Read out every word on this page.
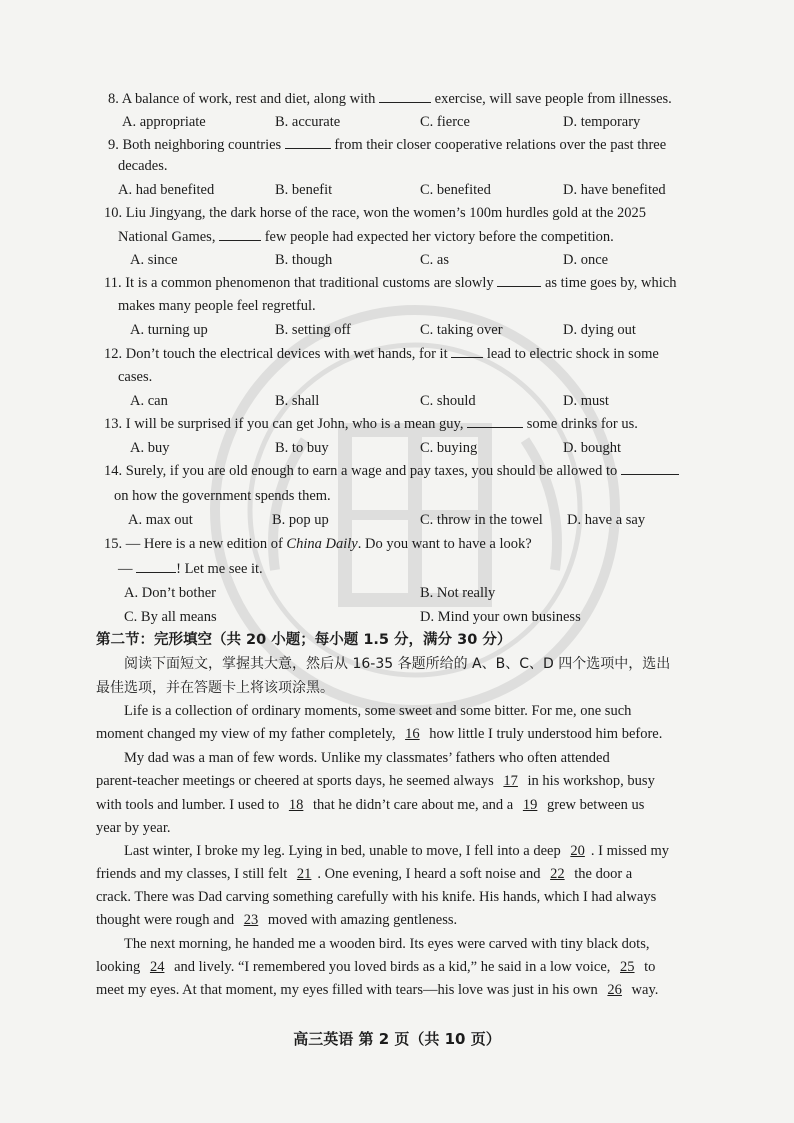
8. A balance of work, rest and diet, along with	exercise, will save people from illnesses.
A. appropriate	B. accurate	C. fierce	D. temporary
9. Both neighboring countries	from their closer cooperative relations over the past three
decades.
A. had benefited	B. benefit	C. benefited	D. have benefited
10. Liu Jingyang, the dark horse of the race, won the women’s 100m hurdles gold at the 2025
National Games,	few people had expected her victory before the competition.
A. since	B. though	C. as	D. once
11. It is a common phenomenon that traditional customs are slowly	as time goes by, which
makes many people feel regretful.
A. turning up	B. setting off	C. taking over	D. dying out
12. Don’t touch the electrical devices with wet hands, for it	lead to electric shock in some
cases.
A. can	B. shall	C. should	D. must
13. I will be surprised if you can get John, who is a mean guy,	some drinks for us.
A. buy	B. to buy	C. buying	D. bought
14. Surely, if you are old enough to earn a wage and pay taxes, you should be allowed to
on how the government spends them.
A. max out	B. pop up	C. throw in the towel D. have a say
15. — Here is a new edition of China Daily. Do you want to have a look?
—	! Let me see it.
A. Don’t bother	B. Not really
C. By all means	D. Mind your own business
第二节：完形填空（共 20 小题；每小题 1.5 分，满分 30 分）
阅读下面短文，掌握其大意，然后从 16-35 各题所给的 A、B、C、D 四个选项中，选出
最佳选项，并在答题卡上将该项涂黑。
Life is a collection of ordinary moments, some sweet and some bitter. For me, one such
moment changed my view of my father completely, 16 how little I truly understood him before.
My dad was a man of few words. Unlike my classmates’ fathers who often attended
parent-teacher meetings or cheered at sports days, he seemed always 17 in his workshop, busy
with tools and lumber. I used to 18 that he didn’t care about me, and a 19 grew between us
year by year.
Last winter, I broke my leg. Lying in bed, unable to move, I fell into a deep 20 . I missed my
friends and my classes, I still felt 21 . One evening, I heard a soft noise and 22 the door a
crack. There was Dad carving something carefully with his knife. His hands, which I had always
thought were rough and 23 moved with amazing gentleness.
The next morning, he handed me a wooden bird. Its eyes were carved with tiny black dots,
looking 24 and lively. “I remembered you loved birds as a kid,” he said in a low voice, 25 to
meet my eyes. At that moment, my eyes filled with tears—his love was just in his own 26 way.
高三英语 第 2 页（共 10 页）
